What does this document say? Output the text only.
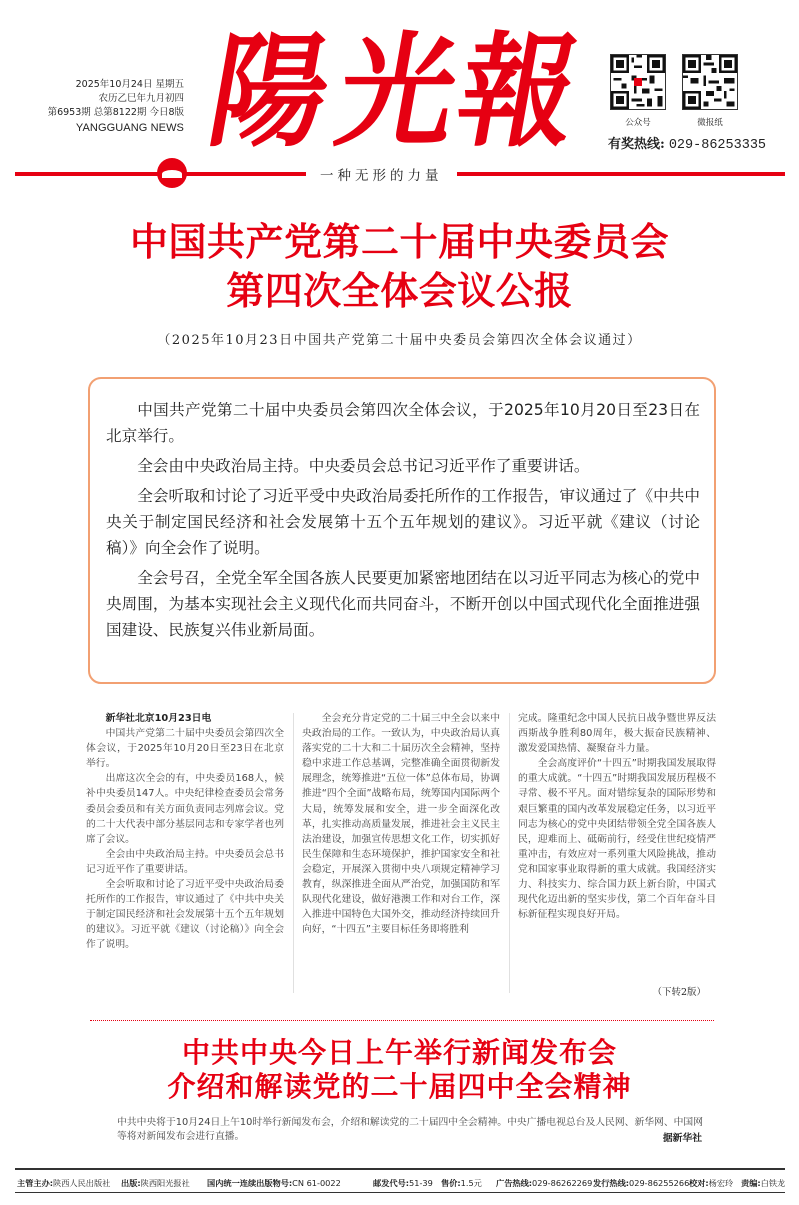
2025年10月24日 星期五
农历乙巳年九月初四
第6953期 总第8122期 今日8版
YANGGUANG NEWS 陽
光
報	公众号	微报纸
有奖热线: 029-86253335
一种无形的力量
中国共产党第二十届中央委员会
第四次全体会议公报
（2025年10月23日中国共产党第二十届中央委员会第四次全体会议通过）

中国共产党第二十届中央委员会第四次全体会议，于2025年10月20日至23日在北京举行。

全会由中央政治局主持。中央委员会总书记习近平作了重要讲话。

全会听取和讨论了习近平受中央政治局委托所作的工作报告，审议通过了《中共中央关于制定国民经济和社会发展第十五个五年规划的建议》。习近平就《建议（讨论稿）》向全会作了说明。

全会号召，全党全军全国各族人民要更加紧密地团结在以习近平同志为核心的党中央周围，为基本实现社会主义现代化而共同奋斗，不断开创以中国式现代化全面推进强国建设、民族复兴伟业新局面。

新华社北京10月23日电

中国共产党第二十届中央委员会第四次全体会议，于2025年10月20日至23日在北京举行。

出席这次全会的有，中央委员168人，候补中央委员147人。中央纪律检查委员会常务委员会委员和有关方面负责同志列席会议。党的二十大代表中部分基层同志和专家学者也列席了会议。

全会由中央政治局主持。中央委员会总书记习近平作了重要讲话。

全会听取和讨论了习近平受中央政治局委托所作的工作报告，审议通过了《中共中央关于制定国民经济和社会发展第十五个五年规划的建议》。习近平就《建议（讨论稿）》向全会作了说明。

全会充分肯定党的二十届三中全会以来中央政治局的工作。一致认为，中央政治局认真落实党的二十大和二十届历次全会精神，坚持稳中求进工作总基调，完整准确全面贯彻新发展理念，统筹推进“五位一体”总体布局，协调推进“四个全面”战略布局，统筹国内国际两个大局，统筹发展和安全，进一步全面深化改革，扎实推动高质量发展，推进社会主义民主法治建设，加强宣传思想文化工作，切实抓好民生保障和生态环境保护，推护国家安全和社会稳定，开展深入贯彻中央八项规定精神学习教育，纵深推进全面从严治党，加强国防和军队现代化建设，做好港澳工作和对台工作，深入推进中国特色大国外交，推动经济持续回升向好，“十四五”主要目标任务即将胜利

完成。隆重纪念中国人民抗日战争暨世界反法西斯战争胜利80周年，极大振奋民族精神、激发爱国热情、凝聚奋斗力量。

全会高度评价“十四五”时期我国发展取得的重大成就。“十四五”时期我国发展历程极不寻常、极不平凡。面对错综复杂的国际形势和艰巨繁重的国内改革发展稳定任务，以习近平同志为核心的党中央团结带领全党全国各族人民，迎难而上、砥砺前行，经受住世纪疫情严重冲击，有效应对一系列重大风险挑战，推动党和国家事业取得新的重大成就。我国经济实力、科技实力、综合国力跃上新台阶，中国式现代化迈出新的坚实步伐，第二个百年奋斗目标新征程实现良好开局。

（下转2版）
中共中央今日上午举行新闻发布会
介绍和解读党的二十届四中全会精神
中共中央将于10月24日上午10时举行新闻发布会，介绍和解读党的二十届四中全会精神。中央广播电视总台及人民网、新华网、中国网等将对新闻发布会进行直播。	据新华社
主管主办:陕西人民出版社 出版:陕西阳光报社 国内统一连续出版物号:CN 61-0022	邮发代号:51-39 售价:1.5元 广告热线:029-86262269 发行热线:029-86255266 校对:杨宏玲 责编:白铁龙
